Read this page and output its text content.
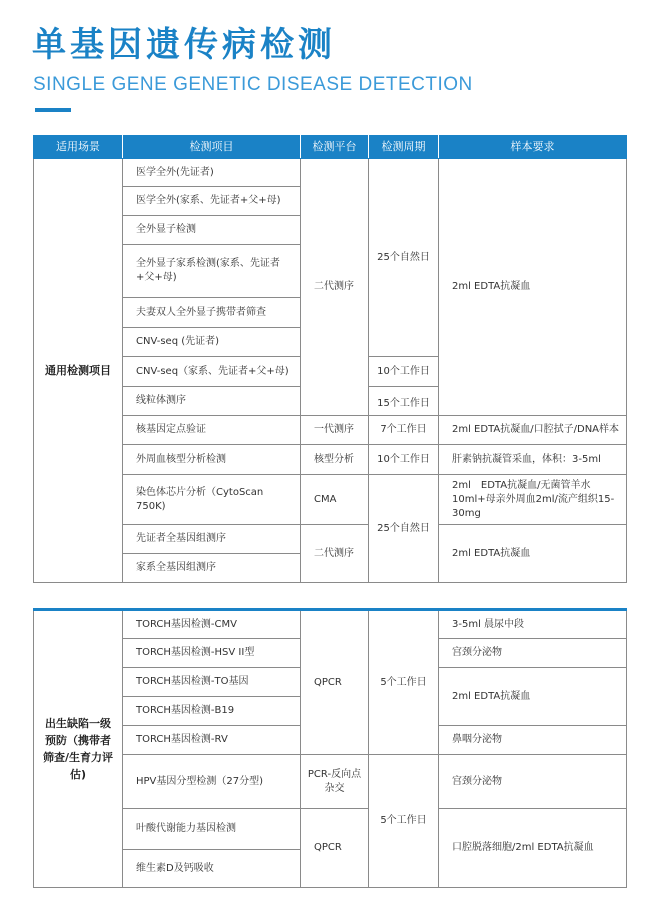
单基因遗传病检测
SINGLE GENE GENETIC DISEASE DETECTION
适用场景	检测项目	检测平台	检测周期	样本要求
通用检测项目	医学全外(先证者)	二代测序	25个自然日	2ml EDTA抗凝血
	医学全外(家系、先证者+父+母)			
	全外显子检测			
	全外显子家系检测(家系、先证者+父+母)			
	夫妻双人全外显子携带者筛查			
	CNV-seq (先证者)			
	CNV-seq（家系、先证者+父+母)		10个工作日	
	线粒体测序		15个工作日	
	核基因定点验证	一代测序	7个工作日	2ml EDTA抗凝血/口腔拭子/DNA样本
	外周血核型分析检测	核型分析	10个工作日	肝素钠抗凝管采血，体积：3-5ml
	染色体芯片分析（CytoScan 750K)	CMA	25个自然日	2ml　EDTA抗凝血/无菌管羊水10ml+母亲外周血2ml/流产组织15-30mg
	先证者全基因组测序	二代测序		2ml EDTA抗凝血
	家系全基因组测序			
出生缺陷一级预防（携带者筛查/生育力评估)	TORCH基因检测-CMV	QPCR	5个工作日	3-5ml 晨尿中段
	TORCH基因检测-HSV II型			宫颈分泌物
	TORCH基因检测-TO基因			2ml EDTA抗凝血
	TORCH基因检测-B19			
	TORCH基因检测-RV			鼻咽分泌物
	HPV基因分型检测（27分型)	PCR-反向点杂交	5个工作日	宫颈分泌物
	叶酸代谢能力基因检测	QPCR		口腔脱落细胞/2ml EDTA抗凝血
	维生素D及钙吸收			
